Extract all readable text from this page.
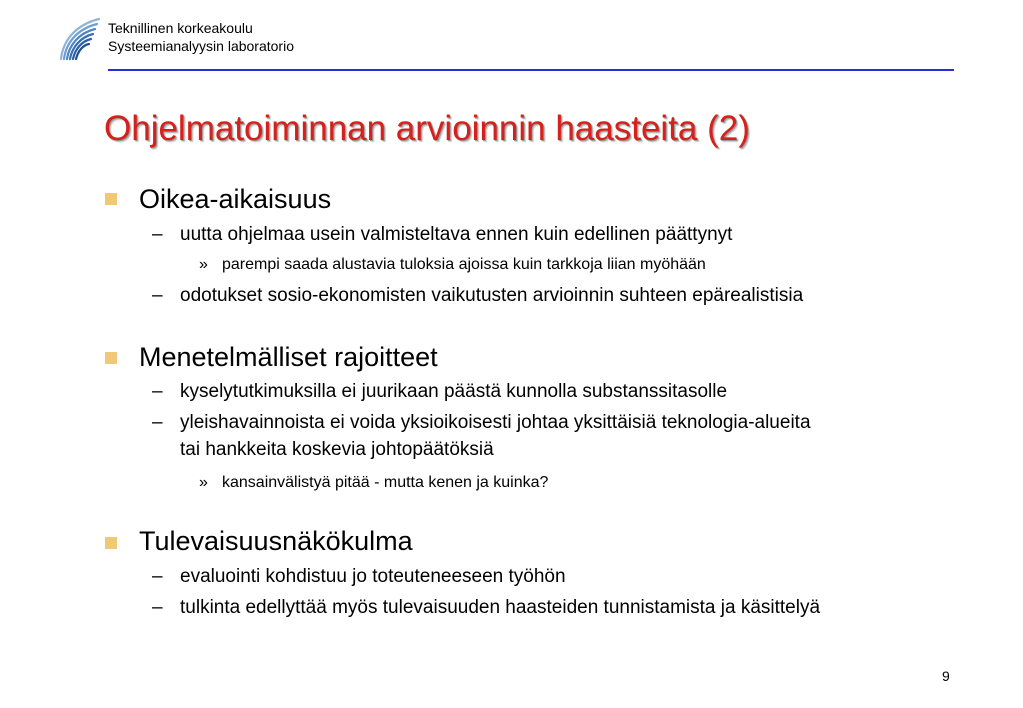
Teknillinen korkeakoulu
Systeemianalyysin laboratorio
Ohjelmatoiminnan arvioinnin haasteita (2)
Oikea-aikaisuus
– uutta ohjelmaa usein valmisteltava ennen kuin edellinen päättynyt
» parempi saada alustavia tuloksia ajoissa kuin tarkkoja liian myöhään
– odotukset sosio-ekonomisten vaikutusten arvioinnin suhteen epärealistisia
Menetelmälliset rajoitteet
– kyselytutkimuksilla ei juurikaan päästä kunnolla substanssitasolle
– yleishavainnoista ei voida yksioikoisesti johtaa yksittäisiä teknologia-alueita
tai hankkeita koskevia johtopäätöksiä
» kansainvälistyä pitää - mutta kenen ja kuinka?
Tulevaisuusnäkökulma
– evaluointi kohdistuu jo toteuteneeseen työhön
– tulkinta edellyttää myös tulevaisuuden haasteiden tunnistamista ja käsittelyä
9
